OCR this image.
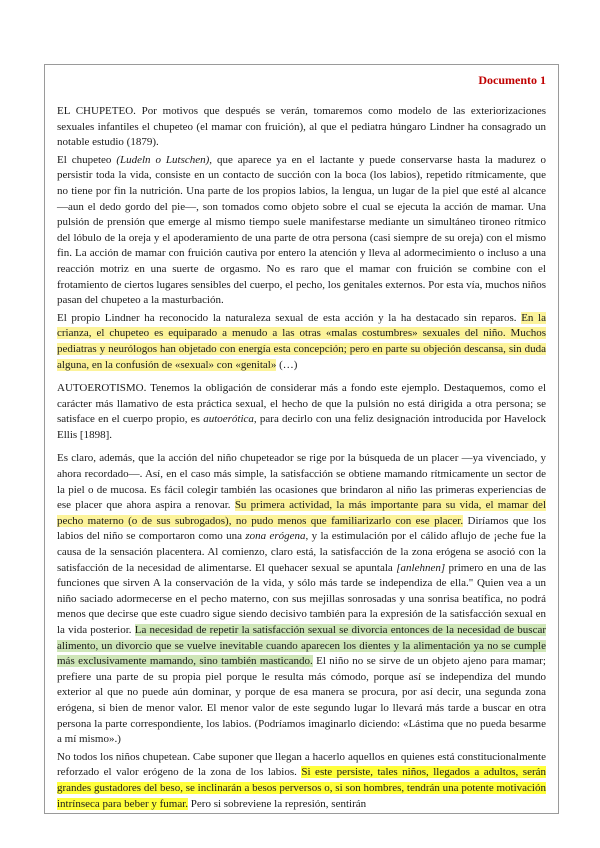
Documento 1

EL CHUPETEO. Por motivos que después se verán, tomaremos como modelo de las exteriorizaciones sexuales infantiles el chupeteo (el mamar con fruición), al que el pediatra húngaro Lindner ha consagrado un notable estudio (1879).

El chupeteo (Ludeln o Lutschen), que aparece ya en el lactante y puede conservarse hasta la madurez o persistir toda la vida, consiste en un contacto de succión con la boca (los labios), repetido rítmicamente, que no tiene por fin la nutrición. Una parte de los propios labios, la lengua, un lugar de la piel que esté al alcance —aun el dedo gordo del pie—, son tomados como objeto sobre el cual se ejecuta la acción de mamar. Una pulsión de prensión que emerge al mismo tiempo suele manifestarse mediante un simultáneo tironeo rítmico del lóbulo de la oreja y el apoderamiento de una parte de otra persona (casi siempre de su oreja) con el mismo fin. La acción de mamar con fruición cautiva por entero la atención y lleva al adormecimiento o incluso a una reacción motriz en una suerte de orgasmo. No es raro que el mamar con fruición se combine con el frotamiento de ciertos lugares sensibles del cuerpo, el pecho, los genitales externos. Por esta vía, muchos niños pasan del chupeteo a la masturbación.

El propio Lindner ha reconocido la naturaleza sexual de esta acción y la ha destacado sin reparos. En la crianza, el chupeteo es equiparado a menudo a las otras «malas costumbres» sexuales del niño. Muchos pediatras y neurólogos han objetado con energía esta concepción; pero en parte su objeción descansa, sin duda alguna, en la confusión de «sexual» con «genital» (…)

AUTOEROTISMO. Tenemos la obligación de considerar más a fondo este ejemplo. Destaquemos, como el carácter más llamativo de esta práctica sexual, el hecho de que la pulsión no está dirigida a otra persona; se satisface en el cuerpo propio, es autoerótica, para decirlo con una feliz designación introducida por Havelock Ellis [1898].

Es claro, además, que la acción del niño chupeteador se rige por la búsqueda de un placer —ya vivenciado, y ahora recordado—. Así, en el caso más simple, la satisfacción se obtiene mamando rítmicamente un sector de la piel o de mucosa. Es fácil colegir también las ocasiones que brindaron al niño las primeras experiencias de ese placer que ahora aspira a renovar. Su primera actividad, la más importante para su vida, el mamar del pecho materno (o de sus subrogados), no pudo menos que familiarizarlo con ese placer. Diríamos que los labios del niño se comportaron como una zona erógena, y la estimulación por el cálido aflujo de ¡eche fue la causa de la sensación placentera. Al comienzo, claro está, la satisfacción de la zona erógena se asoció con la satisfacción de la necesidad de alimentarse. El quehacer sexual se apuntala [anlehnen] primero en una de las funciones que sirven A la conservación de la vida, y sólo más tarde se independiza de ella." Quien vea a un niño saciado adormecerse en el pecho materno, con sus mejillas sonrosadas y una sonrisa beatífica, no podrá menos que decirse que este cuadro sigue siendo decisivo también para la expresión de la satisfacción sexual en la vida posterior. La necesidad de repetir la satisfacción sexual se divorcia entonces de la necesidad de buscar alimento, un divorcio que se vuelve inevitable cuando aparecen los dientes y la alimentación ya no se cumple más exclusivamente mamando, sino también masticando. El niño no se sirve de un objeto ajeno para mamar; prefiere una parte de su propia piel porque le resulta más cómodo, porque así se independiza del mundo exterior al que no puede aún dominar, y porque de esa manera se procura, por así decir, una segunda zona erógena, si bien de menor valor. El menor valor de este segundo lugar lo llevará más tarde a buscar en otra persona la parte correspondiente, los labios. (Podríamos imaginarlo diciendo: «Lástima que no pueda besarme a mí mismo».)

No todos los niños chupetean. Cabe suponer que llegan a hacerlo aquellos en quienes está constitucionalmente reforzado el valor erógeno de la zona de los labios. Si este persiste, tales niños, llegados a adultos, serán grandes gustadores del beso, se inclinarán a besos perversos o, si son hombres, tendrán una potente motivación intrínseca para beber y fumar. Pero si sobreviene la represión, sentirán
